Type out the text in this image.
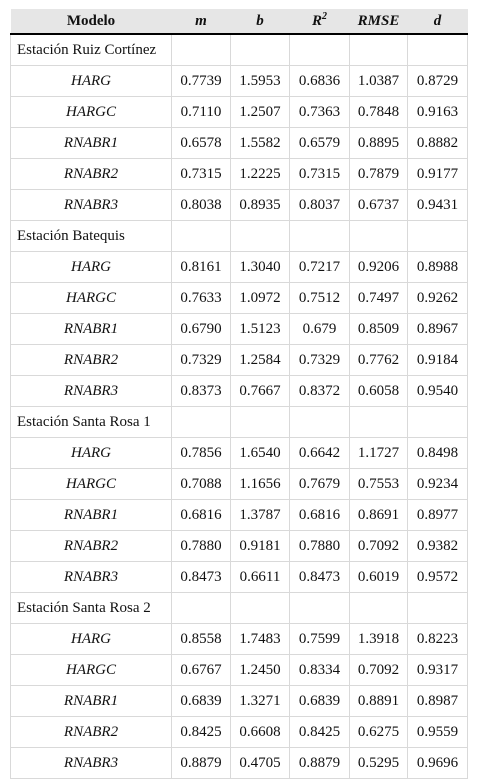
Modelo	m	b	$R^2$	RMSE	d
Estación Ruiz Cortínez					
HARG	0.7739	1.5953	0.6836	1.0387	0.8729
HARGC	0.7110	1.2507	0.7363	0.7848	0.9163
RNABR1	0.6578	1.5582	0.6579	0.8895	0.8882
RNABR2	0.7315	1.2225	0.7315	0.7879	0.9177
RNABR3	0.8038	0.8935	0.8037	0.6737	0.9431
Estación Batequis					
HARG	0.8161	1.3040	0.7217	0.9206	0.8988
HARGC	0.7633	1.0972	0.7512	0.7497	0.9262
RNABR1	0.6790	1.5123	0.679	0.8509	0.8967
RNABR2	0.7329	1.2584	0.7329	0.7762	0.9184
RNABR3	0.8373	0.7667	0.8372	0.6058	0.9540
Estación Santa Rosa 1					
HARG	0.7856	1.6540	0.6642	1.1727	0.8498
HARGC	0.7088	1.1656	0.7679	0.7553	0.9234
RNABR1	0.6816	1.3787	0.6816	0.8691	0.8977
RNABR2	0.7880	0.9181	0.7880	0.7092	0.9382
RNABR3	0.8473	0.6611	0.8473	0.6019	0.9572
Estación Santa Rosa 2					
HARG	0.8558	1.7483	0.7599	1.3918	0.8223
HARGC	0.6767	1.2450	0.8334	0.7092	0.9317
RNABR1	0.6839	1.3271	0.6839	0.8891	0.8987
RNABR2	0.8425	0.6608	0.8425	0.6275	0.9559
RNABR3	0.8879	0.4705	0.8879	0.5295	0.9696
